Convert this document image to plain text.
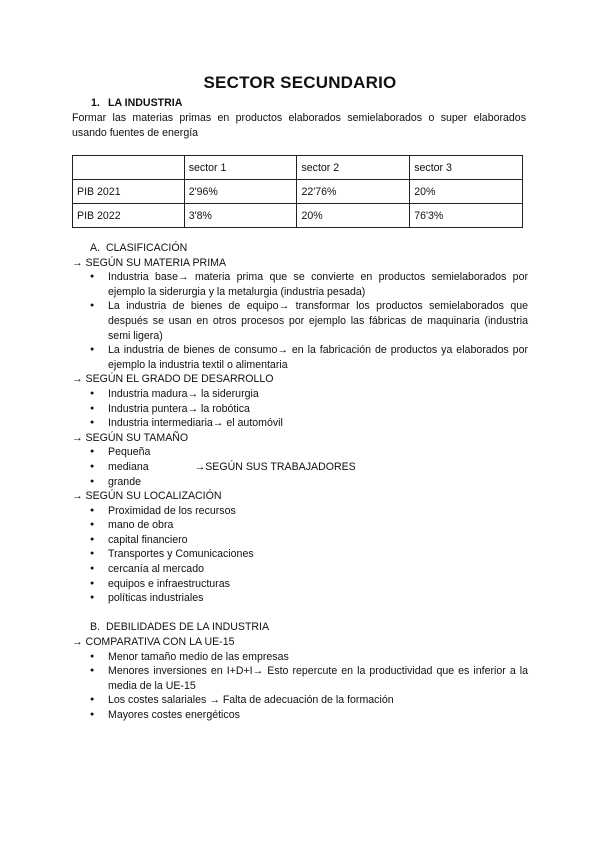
SECTOR SECUNDARIO
1. LA INDUSTRIA
Formar las materias primas en productos elaborados semielaborados o super elaborados usando fuentes de energía
	sector 1	sector 2	sector 3
PIB 2021	2'96%	22'76%	20%
PIB 2022	3'8%	20%	76'3%
A. CLASIFICACIÓN
→ SEGÚN SU MATERIA PRIMA
● Industria base→ materia prima que se convierte en productos semielaborados por ejemplo la siderurgia y la metalurgia (industria pesada)
● La industria de bienes de equipo→ transformar los productos semielaborados que después se usan en otros procesos por ejemplo las fábricas de maquinaria (industria semi ligera)
● La industria de bienes de consumo→ en la fabricación de productos ya elaborados por ejemplo la industria textil o alimentaria
→ SEGÚN EL GRADO DE DESARROLLO
● Industria madura→ la siderurgia
● Industria puntera→ la robótica
● Industria intermediaria→ el automóvil
→ SEGÚN SU TAMAÑO
● Pequeña
● mediana	→SEGÚN SUS TRABAJADORES
● grande
→ SEGÚN SU LOCALIZACIÓN
● Proximidad de los recursos
● mano de obra
● capital financiero
● Transportes y Comunicaciones
● cercanía al mercado
● equipos e infraestructuras
● políticas industriales
B. DEBILIDADES DE LA INDUSTRIA
→ COMPARATIVA CON LA UE-15
● Menor tamaño medio de las empresas
● Menores inversiones en I+D+I→ Esto repercute en la productividad que es inferior a la media de la UE-15
● Los costes salariales → Falta de adecuación de la formación
● Mayores costes energéticos
